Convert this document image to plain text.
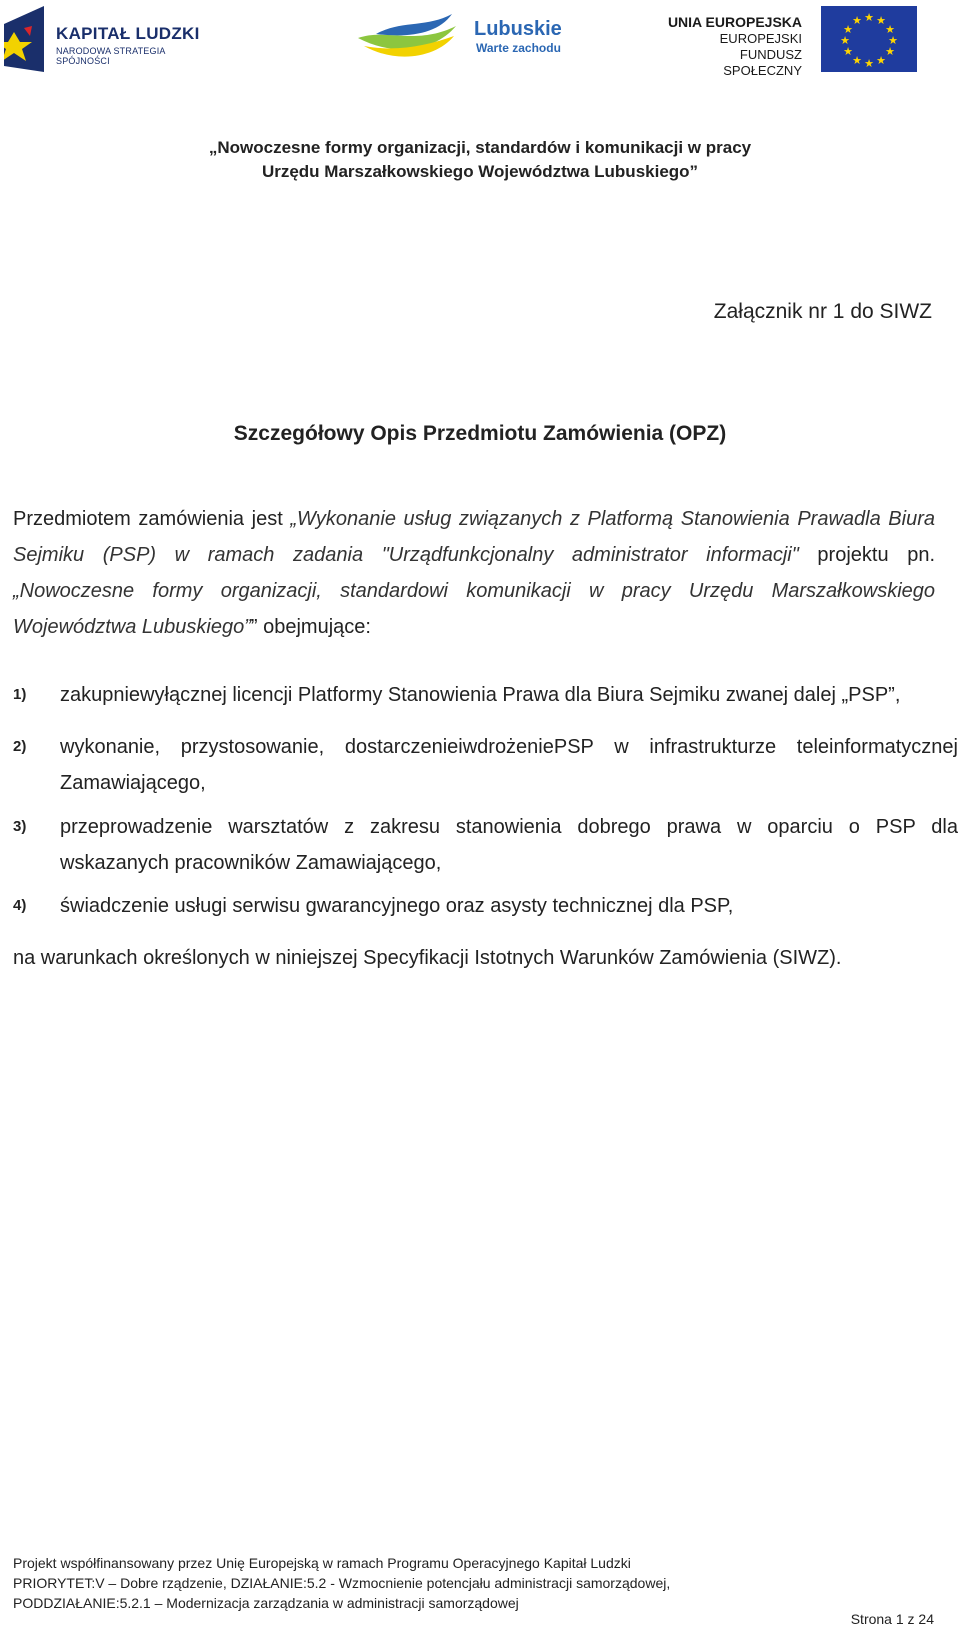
KAPITAŁ LUDZKI
NARODOWA STRATEGIA SPÓJNOŚCI
Lubuskie
Warte zachodu
UNIA EUROPEJSKA
EUROPEJSKI
FUNDUSZ SPOŁECZNY
★ ★
★
★
★
★
★
★
★
★
★
★
„Nowoczesne formy organizacji, standardów i komunikacji w pracy
Urzędu Marszałkowskiego Województwa Lubuskiego”
Załącznik nr 1 do SIWZ
Szczegółowy Opis Przedmiotu Zamówienia (OPZ)
Przedmiotem zamówienia jest „Wykonanie usług związanych z Platformą Stanowienia Prawadla Biura Sejmiku (PSP) w ramach zadania "Urządfunkcjonalny administrator informacji" projektu pn. „Nowoczesne formy organizacji, standardowi komunikacji w pracy Urzędu Marszałkowskiego Województwa Lubuskiego”” obejmujące:
1) zakupniewyłącznej licencji Platformy Stanowienia Prawa dla Biura Sejmiku zwanej dalej „PSP”,
2) wykonanie, przystosowanie, dostarczenieiwdrożeniePSP w infrastrukturze teleinformatycznej Zamawiającego,
3) przeprowadzenie warsztatów z zakresu stanowienia dobrego prawa w oparciu o PSP dla wskazanych pracowników Zamawiającego,
4) świadczenie usługi serwisu gwarancyjnego oraz asysty technicznej dla PSP,
na warunkach określonych w niniejszej Specyfikacji Istotnych Warunków Zamówienia (SIWZ).
Projekt współfinansowany przez Unię Europejską w ramach Programu Operacyjnego Kapitał Ludzki
PRIORYTET:V – Dobre rządzenie, DZIAŁANIE:5.2 - Wzmocnienie potencjału administracji samorządowej,
PODDZIAŁANIE:5.2.1 – Modernizacja zarządzania w administracji samorządowej
Strona 1 z 24
